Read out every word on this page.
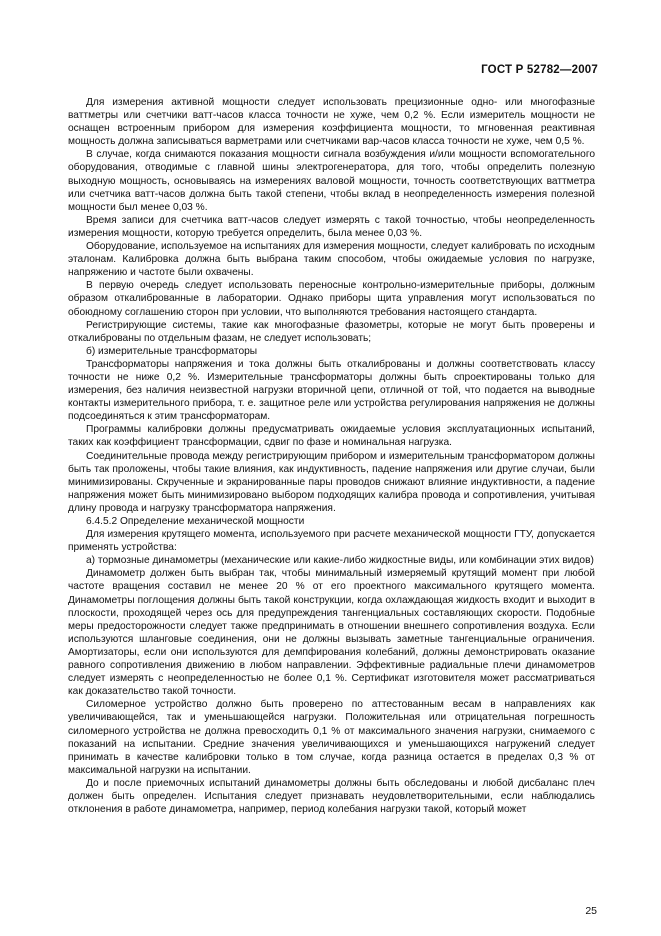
ГОСТ Р 52782—2007

Для измерения активной мощности следует использовать прецизионные одно- или многофазные ваттметры или счетчики ватт-часов класса точности не хуже, чем 0,2 %. Если измеритель мощности не оснащен встроенным прибором для измерения коэффициента мощности, то мгновенная реактивная мощность должна записываться варметрами или счетчиками вар-часов класса точности не хуже, чем 0,5 %.

В случае, когда снимаются показания мощности сигнала возбуждения и/или мощности вспомогательного оборудования, отводимые с главной шины электрогенератора, для того, чтобы определить полезную выходную мощность, основываясь на измерениях валовой мощности, точность соответствующих ваттметра или счетчика ватт-часов должна быть такой степени, чтобы вклад в неопределенность измерения полезной мощности был менее 0,03 %.

Время записи для счетчика ватт-часов следует измерять с такой точностью, чтобы неопределенность измерения мощности, которую требуется определить, была менее 0,03 %.

Оборудование, используемое на испытаниях для измерения мощности, следует калибровать по исходным эталонам. Калибровка должна быть выбрана таким способом, чтобы ожидаемые условия по нагрузке, напряжению и частоте были охвачены.

В первую очередь следует использовать переносные контрольно-измерительные приборы, должным образом откалиброванные в лаборатории. Однако приборы щита управления могут использоваться по обоюдному соглашению сторон при условии, что выполняются требования настоящего стандарта.

Регистрирующие системы, такие как многофазные фазометры, которые не могут быть проверены и откалиброваны по отдельным фазам, не следует использовать;

б) измерительные трансформаторы

Трансформаторы напряжения и тока должны быть откалиброваны и должны соответствовать классу точности не ниже 0,2 %. Измерительные трансформаторы должны быть спроектированы только для измерения, без наличия неизвестной нагрузки вторичной цепи, отличной от той, что подается на выводные контакты измерительного прибора, т. е. защитное реле или устройства регулирования напряжения не должны подсоединяться к этим трансформаторам.

Программы калибровки должны предусматривать ожидаемые условия эксплуатационных испытаний, таких как коэффициент трансформации, сдвиг по фазе и номинальная нагрузка.

Соединительные провода между регистрирующим прибором и измерительным трансформатором должны быть так проложены, чтобы такие влияния, как индуктивность, падение напряжения или другие случаи, были минимизированы. Скрученные и экранированные пары проводов снижают влияние индуктивности, а падение напряжения может быть минимизировано выбором подходящих калибра провода и сопротивления, учитывая длину провода и нагрузку трансформатора напряжения.

6.4.5.2 Определение механической мощности

Для измерения крутящего момента, используемого при расчете механической мощности ГТУ, допускается применять устройства:

а) тормозные динамометры (механические или какие-либо жидкостные виды, или комбинации этих видов)

Динамометр должен быть выбран так, чтобы минимальный измеряемый крутящий момент при любой частоте вращения составил не менее 20 % от его проектного максимального крутящего момента. Динамометры поглощения должны быть такой конструкции, когда охлаждающая жидкость входит и выходит в плоскости, проходящей через ось для предупреждения тангенциальных составляющих скорости. Подобные меры предосторожности следует также предпринимать в отношении внешнего сопротивления воздуха. Если используются шланговые соединения, они не должны вызывать заметные тангенциальные ограничения. Амортизаторы, если они используются для демпфирования колебаний, должны демонстрировать оказание равного сопротивления движению в любом направлении. Эффективные радиальные плечи динамометров следует измерять с неопределенностью не более 0,1 %. Сертификат изготовителя может рассматриваться как доказательство такой точности.

Силомерное устройство должно быть проверено по аттестованным весам в направлениях как увеличивающейся, так и уменьшающейся нагрузки. Положительная или отрицательная погрешность силомерного устройства не должна превосходить 0,1 % от максимального значения нагрузки, снимаемого с показаний на испытании. Средние значения увеличивающихся и уменьшающихся нагружений следует принимать в качестве калибровки только в том случае, когда разница остается в пределах 0,3 % от максимальной нагрузки на испытании.

До и после приемочных испытаний динамометры должны быть обследованы и любой дисбаланс плеч должен быть определен. Испытания следует признавать неудовлетворительными, если наблюдались отклонения в работе динамометра, например, период колебания нагрузки такой, который может

25
